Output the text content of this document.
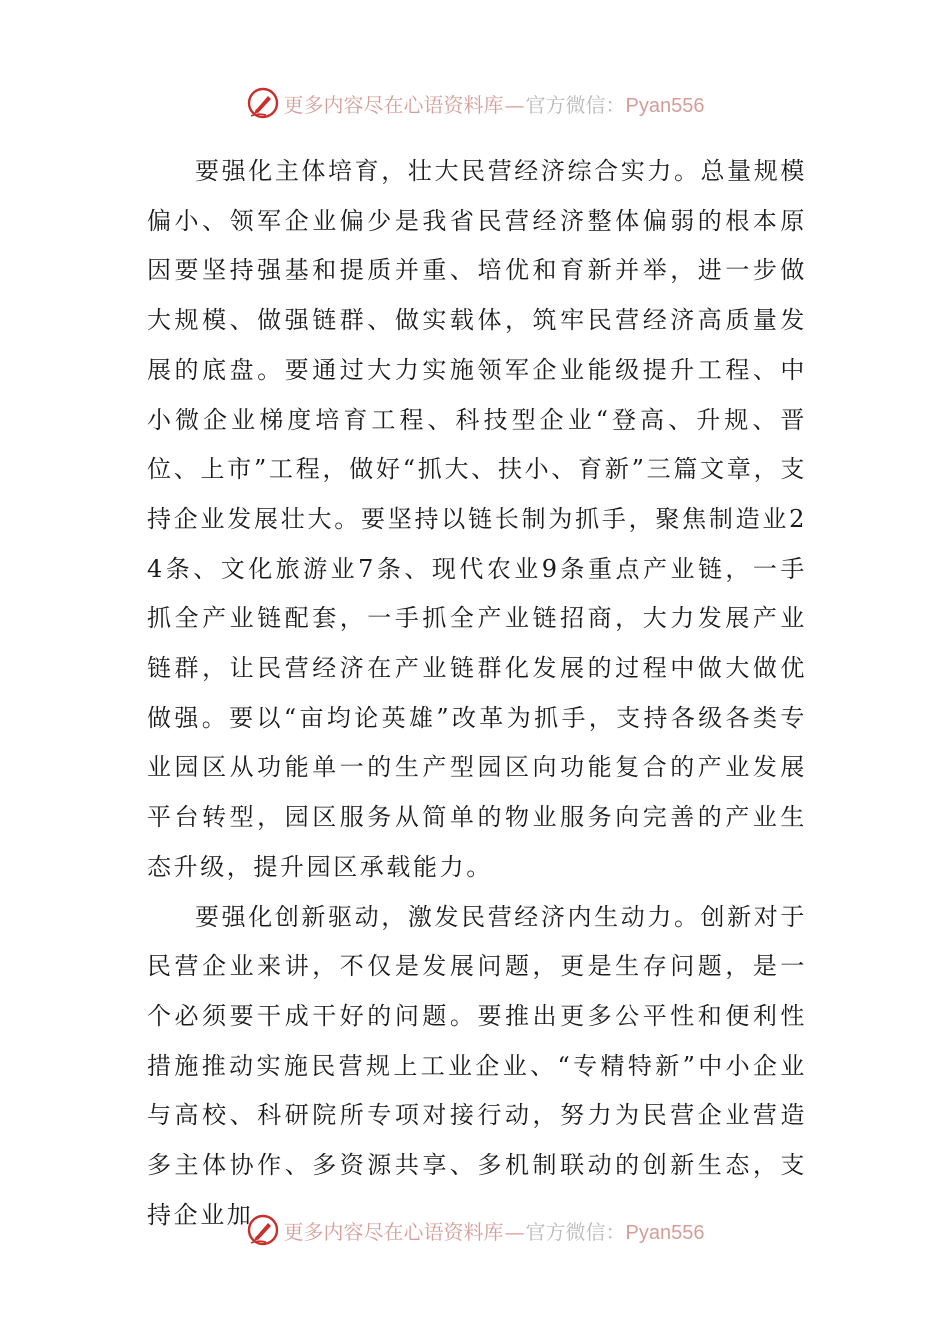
更多内容尽在心语资料库—官方微信：Pyan556

要强化主体培育，壮大民营经济综合实力。总量规模偏小、领军企业偏少是我省民营经济整体偏弱的根本原因要坚持强基和提质并重、培优和育新并举，进一步做大规模、做强链群、做实载体，筑牢民营经济高质量发展的底盘。要通过大力实施领军企业能级提升工程、中小微企业梯度培育工程、科技型企业“登高、升规、晋位、上市”工程，做好“抓大、扶小、育新”三篇文章，支持企业发展壮大。要坚持以链长制为抓手，聚焦制造业24条、文化旅游业7条、现代农业9条重点产业链，一手抓全产业链配套，一手抓全产业链招商，大力发展产业链群，让民营经济在产业链群化发展的过程中做大做优做强。要以“亩均论英雄”改革为抓手，支持各级各类专业园区从功能单一的生产型园区向功能复合的产业发展平台转型，园区服务从简单的物业服务向完善的产业生态升级，提升园区承载能力。

要强化创新驱动，激发民营经济内生动力。创新对于民营企业来讲，不仅是发展问题，更是生存问题，是一个必须要干成干好的问题。要推出更多公平性和便利性措施推动实施民营规上工业企业、“专精特新”中小企业与高校、科研院所专项对接行动，努力为民营企业营造多主体协作、多资源共享、多机制联动的创新生态，支持企业加

更多内容尽在心语资料库—官方微信：Pyan556
